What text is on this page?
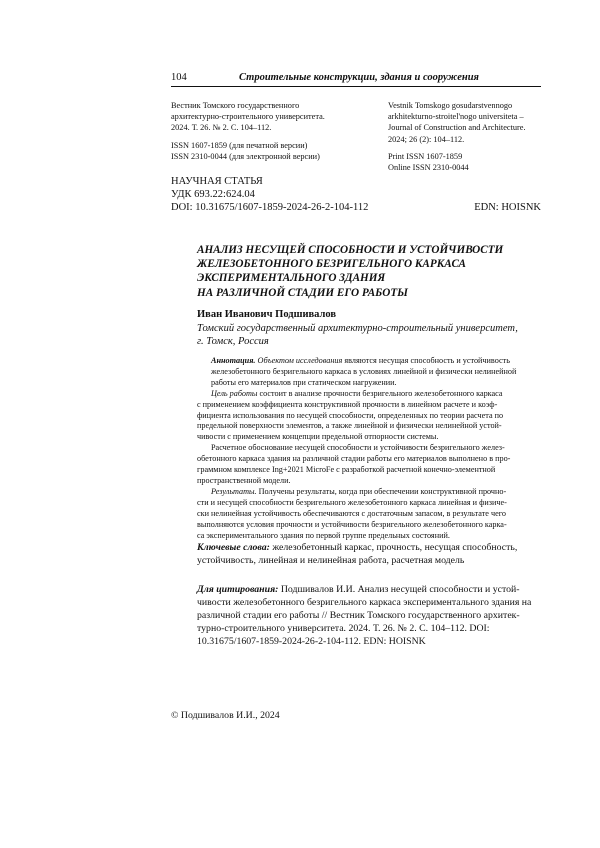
104	Строительные конструкции, здания и сооружения
Вестник Томского государственного
архитектурно-строительного университета.
2024. Т. 26. № 2. С. 104–112.
ISSN 1607-1859 (для печатной версии)
ISSN 2310-0044 (для электронной версии)
Vestnik Tomskogo gosudarstvennogo
arkhitekturno-stroitel'nogo universiteta –
Journal of Construction and Architecture.
2024; 26 (2): 104–112.
Print ISSN 1607-1859
Online ISSN 2310-0044
НАУЧНАЯ СТАТЬЯ
УДК 693.22:624.04
DOI: 10.31675/1607-1859-2024-26-2-104-112	EDN: HOISNK
АНАЛИЗ НЕСУЩЕЙ СПОСОБНОСТИ И УСТОЙЧИВОСТИ
ЖЕЛЕЗОБЕТОННОГО БЕЗРИГЕЛЬНОГО КАРКАСА
ЭКСПЕРИМЕНТАЛЬНОГО ЗДАНИЯ
НА РАЗЛИЧНОЙ СТАДИИ ЕГО РАБОТЫ
Иван Иванович Подшивалов
Томский государственный архитектурно-строительный университет,
г. Томск, Россия

Аннотация. Объектом исследования являются несущая способность и устойчивость
железобетонного безригельного каркаса в условиях линейной и физически нелинейной
работы его материалов при статическом нагружении.

Цель работы состоит в анализе прочности безригельного железобетонного каркаса
с применением коэффициента конструктивной прочности в линейном расчете и коэф-
фициента использования по несущей способности, определенных по теории расчета по
предельной поверхности элементов, а также линейной и физически нелинейной устой-
чивости с применением концепции предельной отпорности системы.

Расчетное обоснование несущей способности и устойчивости безригельного желез-
обетонного каркаса здания на различной стадии работы его материалов выполнено в про-
граммном комплексе Ing+2021 MicroFe с разработкой расчетной конечно-элементной
пространственной модели.

Результаты. Получены результаты, когда при обеспечении конструктивной прочно-
сти и несущей способности безригельного железобетонного каркаса линейная и физиче-
ски нелинейная устойчивость обеспечиваются с достаточным запасом, в результате чего
выполняются условия прочности и устойчивости безригельного железобетонного карка-
са экспериментального здания по первой группе предельных состояний.

Ключевые слова: железобетонный каркас, прочность, несущая способность,
устойчивость, линейная и нелинейная работа, расчетная модель
Для цитирования: Подшивалов И.И. Анализ несущей способности и устой-
чивости железобетонного безригельного каркаса экспериментального здания на
различной стадии его работы // Вестник Томского государственного архитек-
турно-строительного университета. 2024. Т. 26. № 2. С. 104–112. DOI:
10.31675/1607-1859-2024-26-2-104-112. EDN: HOISNK
© Подшивалов И.И., 2024
